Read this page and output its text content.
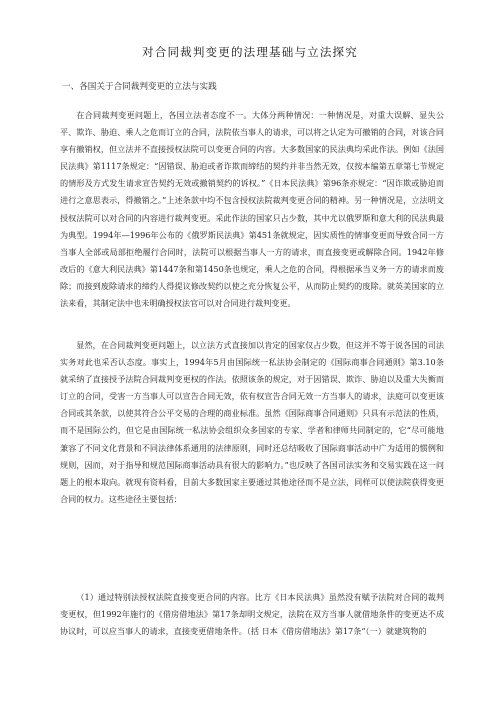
对合同裁判变更的法理基础与立法探究
一、各国关于合同裁判变更的立法与实践

在合同裁判变更问题上，各国立法者态度不一。大体分两种情况：一种情况是，对重大误解、显失公平、欺诈、胁迫、乘人之危而订立的合同，法院依当事人的请求，可以将之认定为可撤销的合同，对该合同享有撤销权，但立法并不直接授权法院可以变更合同的内容。大多数国家的民法典均采此作法。例如《法国民法典》第1117条规定：“因错误、胁迫或者诈欺而缔结的契约并非当然无效，仅按本编第五章第七节规定的情形及方式发生请求宣告契约无效或撤销契约的诉权。”《日本民法典》第96条亦规定：“因诈欺或胁迫而进行之意思表示，得撤销之。”上述条款中均不包含授权法院裁判变更合同的精神。另一种情况是，立法明文授权法院可以对合同的内容进行裁判变更。采此作法的国家只占少数，其中尤以俄罗斯和意大利的民法典最为典型。1994年—1996年公布的《俄罗斯民法典》第451条就规定，因实质性的情事变更而导致合同一方当事人全部或局部拒绝履行合同时，法院可以根据当事人一方的请求，而直接变更或解除合同。1942年修改后的《意大利民法典》第1447条和第1450条也规定，乘人之危的合同，得根据承当义务一方的请求而废除；而接到废除请求的缔约人得提议修改契约以使之充分恢复公平，从而防止契约的废除。就英美国家的立法来看，其制定法中也未明确授权法官可以对合同进行裁判变更。

显然，在合同裁判变更问题上，以立法方式直接加以肯定的国家仅占少数，但这并不等于说各国的司法实务对此也采否认态度。事实上，1994年5月由国际统一私法协会制定的《国际商事合同通则》第3.10条就采纳了直接授予法院合同裁判变更权的作法。依照该条的规定，对于因错误、欺诈、胁迫以及重大失衡而订立的合同，受害一方当事人可以宣告合同无效，依有权宣告合同无效一方当事人的请求，法庭可以变更该合同或其条款，以使其符合公平交易的合理的商业标准。虽然《国际商事合同通则》只具有示范法的性质，而不是国际公约，但它是由国际统一私法协会组织众多国家的专家、学者和律师共同制定的，它“尽可能地兼容了不同文化背景和不同法律体系通用的法律原则，同时还总结吸收了国际商事活动中广为适用的惯例和规则，因而，对于指导和规范国际商事活动具有很大的影响力。”也反映了各国司法实务和交易实践在这一问题上的根本取向。就现有资料看，目前大多数国家主要通过其他途径而不是立法，同样可以使法院获得变更合同的权力。这些途径主要包括：

（1）通过特别法授权法院直接变更合同的内容。比方《日本民法典》虽然没有赋予法院对合同的裁判变更权，但1992年施行的《借房借地法》第17条却明文规定，法院在双方当事人就借地条件的变更达不成协议时，可以应当事人的请求，直接变更借地条件。（括 日本《借房借地法》第17条“（一）就建筑物的
